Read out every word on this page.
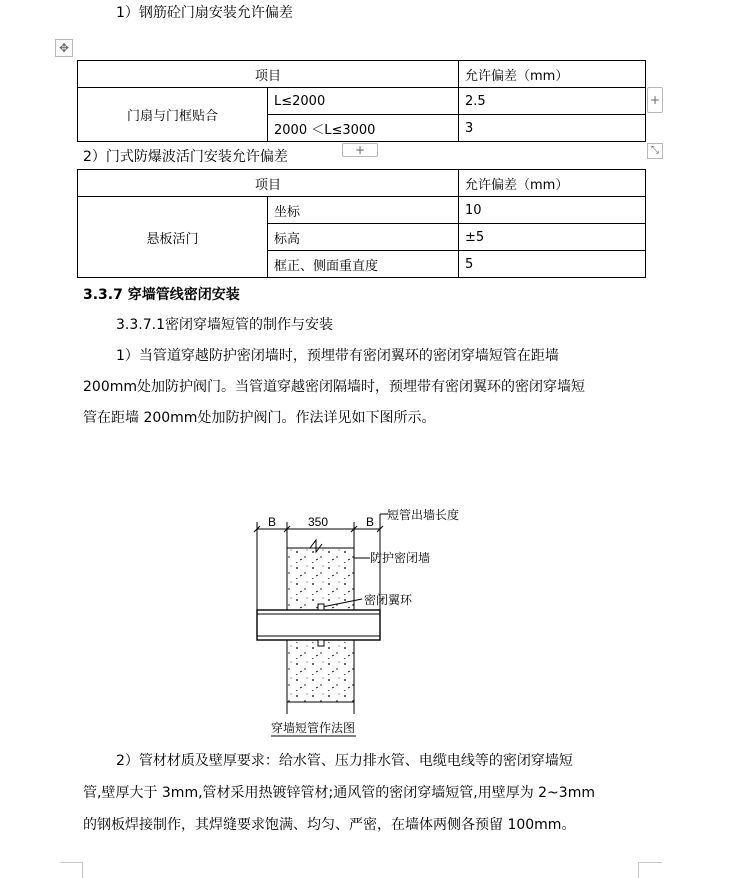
1）钢筋砼门扇安装允许偏差
✥
项目		允许偏差（mm）
门扇与门框贴合	L≤2000	2.5
	2000 ＜L≤3000	3
+
+	⤡
2）门式防爆波活门安装允许偏差
项目		允许偏差（mm）
悬板活门	坐标	10
	标高	±5
	框正、侧面重直度	5
3.3.7 穿墙管线密闭安装
3.3.7.1密闭穿墙短管的制作与安装
1）当管道穿越防护密闭墙时，预埋带有密闭翼环的密闭穿墙短管在距墙
200mm处加防护阀门。当管道穿越密闭隔墙时，预埋带有密闭翼环的密闭穿墙短
管在距墙 200mm处加防护阀门。作法详见如下图所示。
B	350	B 短管出墙长度
防护密闭墙
密闭翼环
穿墙短管作法图
2）管材材质及壁厚要求：给水管、压力排水管、电缆电线等的密闭穿墙短
管,壁厚大于 3mm,管材采用热镀锌管材;通风管的密闭穿墙短管,用壁厚为 2~3mm
的钢板焊接制作，其焊缝要求饱满、均匀、严密，在墙体两侧各预留 100mm。
